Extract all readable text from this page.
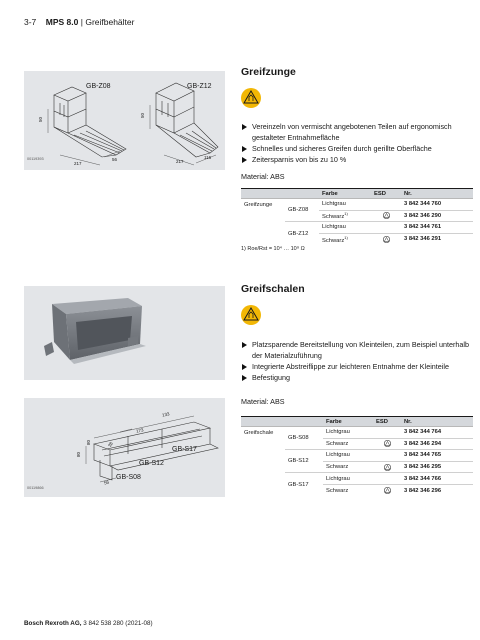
3-7 MPS 8.0 | Greifbehälter
GB-Z08	GB-Z12
50
217
56
50
217
116
00119393
Greifzunge
Vereinzeln von vermischt angebotenen Teilen auf ergonomisch gestalteter Entnahmefläche
Schnelles und sicheres Greifen durch gerillte Oberfläche
Zeitersparnis von bis zu 10 %
Material: ABS
		Farbe	ESD	Nr.
Greifzunge	GB-Z08	Lichtgrau		3 842 344 760
		Schwarz$^{1)}$		3 842 346 290
	GB-Z12	Lichtgrau		3 842 344 761
		Schwarz$^{1)}$		3 842 346 291
1) Roe/Rst = 10⁴ … 10⁹ Ω
Greifschalen
Platzsparende Bereitstellung von Kleinteilen, zum Beispiel unterhalb der Materialzuführung
Integrierte Abstreiflippe zur leichteren Entnahme der Kleinteile
Befestigung
GB-S17
GB-S12
GB-S08
80
38
173
133
80
56
00119866
Material: ABS
		Farbe	ESD	Nr.
Greifschale	GB-S08	Lichtgrau		3 842 344 764
		Schwarz		3 842 346 294
	GB-S12	Lichtgrau		3 842 344 765
		Schwarz		3 842 346 295
	GB-S17	Lichtgrau		3 842 344 766
		Schwarz		3 842 346 296
Bosch Rexroth AG, 3 842 538 280 (2021-08)
